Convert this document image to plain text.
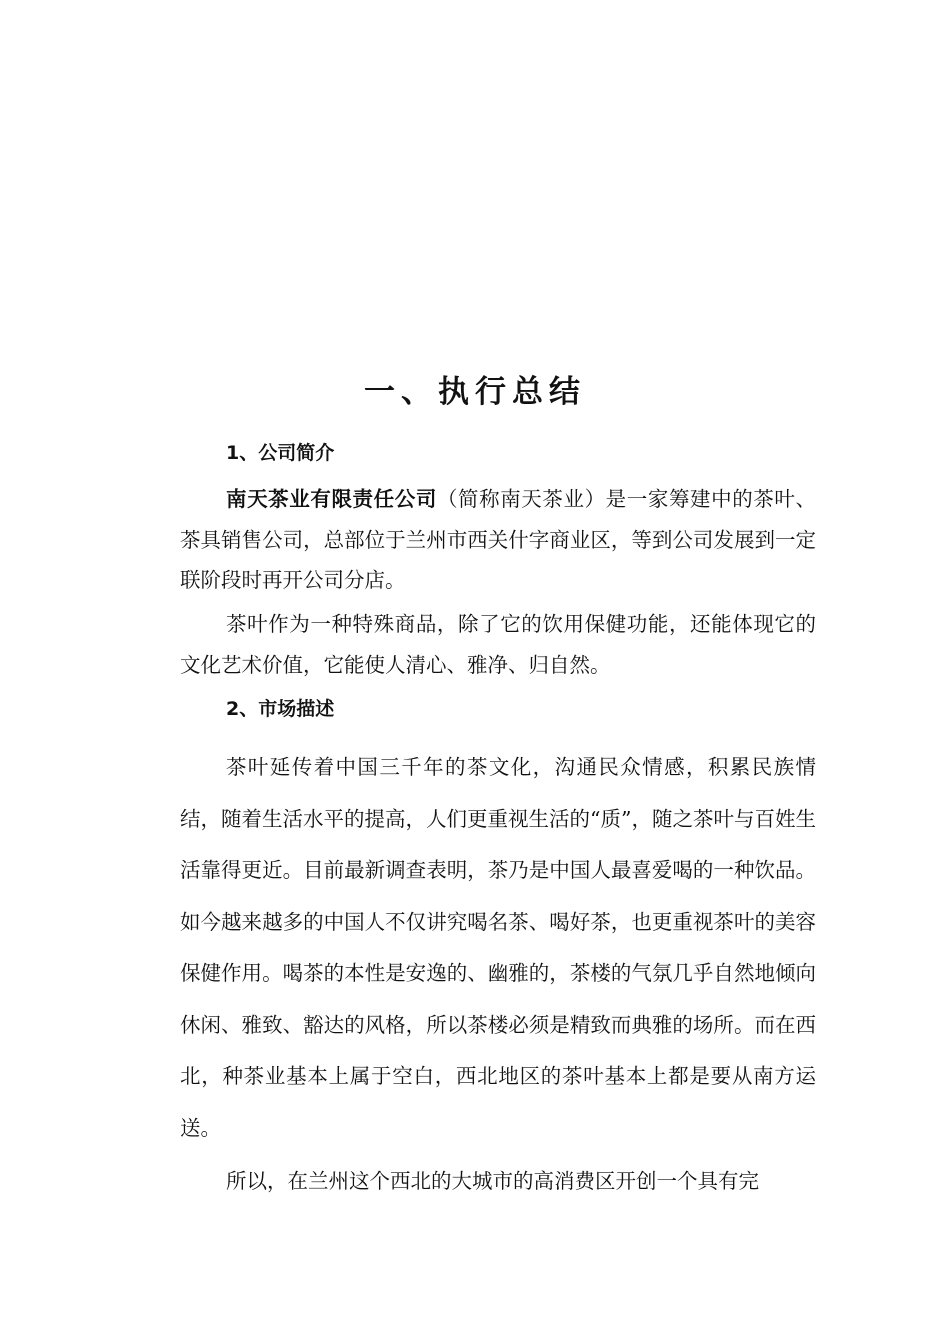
一、执行总结
1、公司简介

南天茶业有限责任公司（简称南天茶业）是一家筹建中的茶叶、茶具销售公司，总部位于兰州市西关什字商业区，等到公司发展到一定联阶段时再开公司分店。

茶叶作为一种特殊商品，除了它的饮用保健功能，还能体现它的文化艺术价值，它能使人清心、雅净、归自然。

2、市场描述

茶叶延传着中国三千年的茶文化，沟通民众情感，积累民族情结，随着生活水平的提高，人们更重视生活的“质”，随之茶叶与百姓生活靠得更近。目前最新调查表明，茶乃是中国人最喜爱喝的一种饮品。如今越来越多的中国人不仅讲究喝名茶、喝好茶，也更重视茶叶的美容保健作用。喝茶的本性是安逸的、幽雅的，茶楼的气氛几乎自然地倾向休闲、雅致、豁达的风格，所以茶楼必须是精致而典雅的场所。而在西北，种茶业基本上属于空白，西北地区的茶叶基本上都是要从南方运送。

所以，在兰州这个西北的大城市的高消费区开创一个具有完
